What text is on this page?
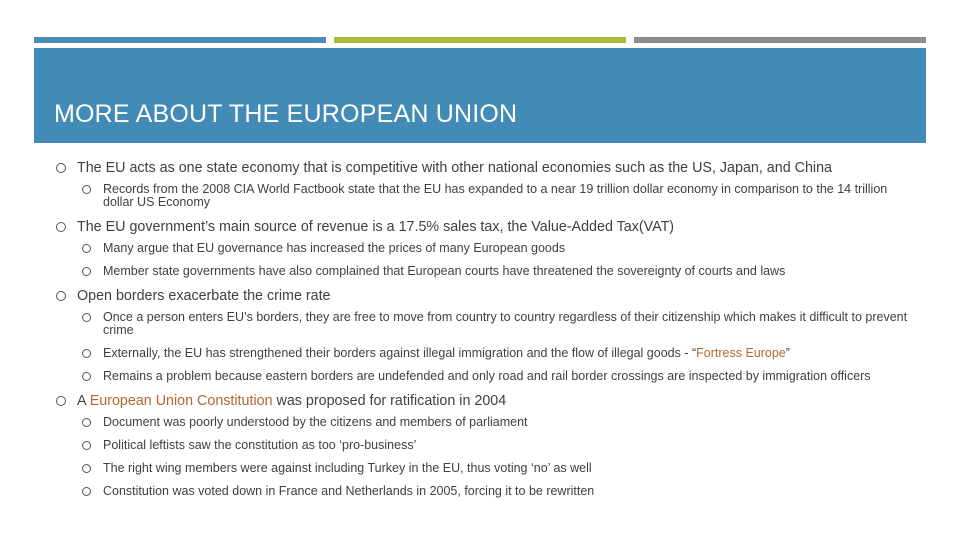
MORE ABOUT THE EUROPEAN UNION
The EU acts as one state economy that is competitive with other national economies such as the US, Japan, and China
Records from the 2008 CIA World Factbook state that the EU has expanded to a near 19 trillion dollar economy in comparison to the 14 trillion dollar US Economy
The EU government’s main source of revenue is a 17.5% sales tax, the Value-Added Tax(VAT)
Many argue that EU governance has increased the prices of many European goods
Member state governments have also complained that European courts have threatened the sovereignty of courts and laws
Open borders exacerbate the crime rate
Once a person enters EU’s borders, they are free to move from country to country regardless of their citizenship which makes it difficult to prevent crime
Externally, the EU has strengthened their borders against illegal immigration and the flow of illegal goods - “Fortress Europe”
Remains a problem because eastern borders are undefended and only road and rail border crossings are inspected by immigration officers
A European Union Constitution was proposed for ratification in 2004
Document was poorly understood by the citizens and members of parliament
Political leftists saw the constitution as too ‘pro-business’
The right wing members were against including Turkey in the EU, thus voting ‘no’ as well
Constitution was voted down in France and Netherlands in 2005, forcing it to be rewritten
